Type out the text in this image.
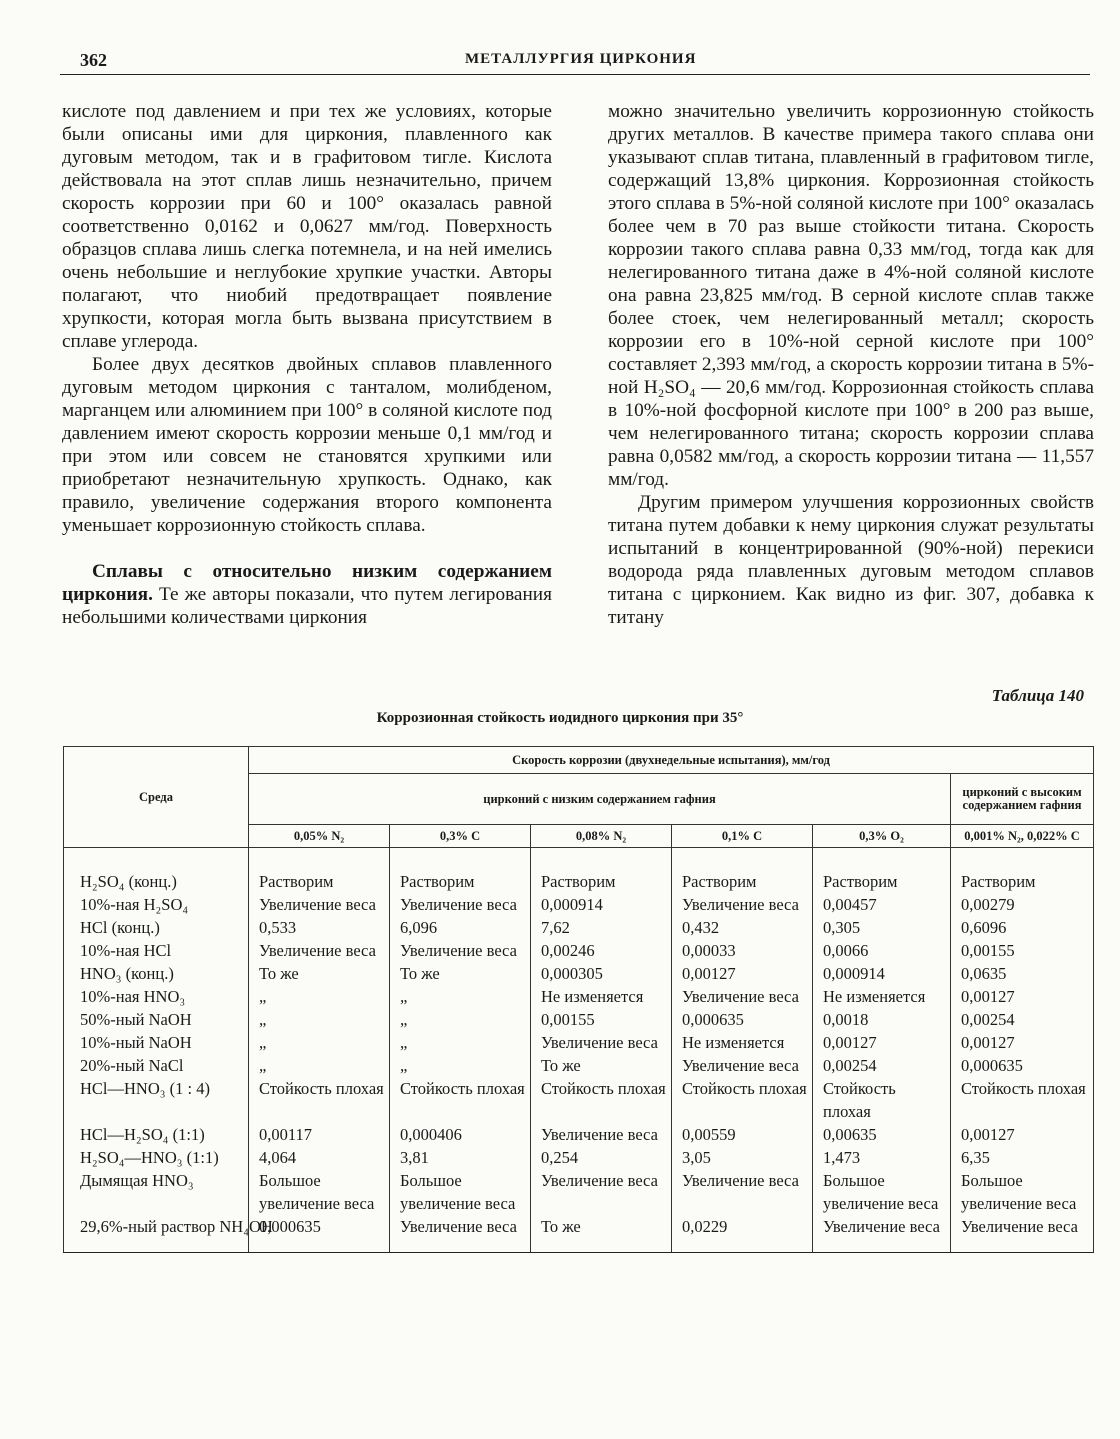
362	МЕТАЛЛУРГИЯ ЦИРКОНИЯ

кислоте под давлением и при тех же условиях, которые были описаны ими для циркония, плавленного как дуговым методом, так и в графитовом тигле. Кислота действовала на этот сплав лишь незначительно, причем скорость коррозии при 60 и 100° оказалась равной соответственно 0,0162 и 0,0627 мм/год. Поверхность образцов сплава лишь слегка потемнела, и на ней имелись очень небольшие и неглубокие хрупкие участки. Авторы полагают, что ниобий предотвращает появление хрупкости, которая могла быть вызвана присутствием в сплаве углерода.

Более двух десятков двойных сплавов плавленного дуговым методом циркония с танталом, молибденом, марганцем или алюминием при 100° в соляной кислоте под давлением имеют скорость коррозии меньше 0,1 мм/год и при этом или совсем не становятся хрупкими или приобретают незначительную хрупкость. Однако, как правило, увеличение содержания второго компонента уменьшает коррозионную стойкость сплава.

Сплавы с относительно низким содержанием циркония. Те же авторы показали, что путем легирования небольшими количествами циркония

можно значительно увеличить коррозионную стойкость других металлов. В качестве примера такого сплава они указывают сплав титана, плавленный в графитовом тигле, содержащий 13,8% циркония. Коррозионная стойкость этого сплава в 5%-ной соляной кислоте при 100° оказалась более чем в 70 раз выше стойкости титана. Скорость коррозии такого сплава равна 0,33 мм/год, тогда как для нелегированного титана даже в 4%-ной соляной кислоте она равна 23,825 мм/год. В серной кислоте сплав также более стоек, чем нелегированный металл; скорость коррозии его в 10%-ной серной кислоте при 100° составляет 2,393 мм/год, а скорость коррозии титана в 5%-ной H₂SO₄ — 20,6 мм/год. Коррозионная стойкость сплава в 10%-ной фосфорной кислоте при 100° в 200 раз выше, чем нелегированного титана; скорость коррозии сплава равна 0,0582 мм/год, а скорость коррозии титана — 11,557 мм/год.

Другим примером улучшения коррозионных свойств титана путем добавки к нему циркония служат результаты испытаний в концентрированной (90%-ной) перекиси водорода ряда плавленных дуговым методом сплавов титана с цирконием. Как видно из фиг. 307, добавка к титану

Таблица 140
Коррозионная стойкость иодидного циркония при 35°
Среда	Скорость коррозии (двухнедельные испытания), мм/год					
	цирконий с низким содержанием гафния					цирконий с высоким содержанием гафния
	0,05% N₂	0,3% C	0,08% N₂	0,1% C	0,3% O₂	0,001% N₂, 0,022% C
H₂SO₄ (конц.)	Растворим	Растворим	Растворим	Растворим	Растворим	Растворим
10%-ная H₂SO₄	Увеличение веса	Увеличение веса	0,000914	Увеличение веса	0,00457	0,00279
HCl (конц.)	0,533	6,096	7,62	0,432	0,305	0,6096
10%-ная HCl	Увеличение веса	Увеличение веса	0,00246	0,00033	0,0066	0,00155
HNO₃ (конц.)	То же	То же	0,000305	0,00127	0,000914	0,0635
10%-ная HNO₃	„	„	Не изменяется	Увеличение веса	Не изменяется	0,00127
50%-ный NaOH	„	„	0,00155	0,000635	0,0018	0,00254
10%-ный NaOH	„	„	Увеличение веса	Не изменяется	0,00127	0,00127
20%-ный NaCl	„	„	То же	Увеличение веса	0,00254	0,000635
HCl—HNO₃ (1 : 4)	Стойкость плохая	Стойкость плохая	Стойкость плохая	Стойкость плохая	Стойкость плохая	Стойкость плохая
HCl—H₂SO₄ (1:1)	0,00117	0,000406	Увеличение веса	0,00559	0,00635	0,00127
H₂SO₄—HNO₃ (1:1)	4,064	3,81	0,254	3,05	1,473	6,35
Дымящая HNO₃	Большое увеличение веса	Большое увеличение веса	Увеличение веса	Увеличение веса	Большое увеличение веса	Большое увеличение веса
29,6%-ный раствор NH₄OH	0,000635	Увеличение веса	То же	0,0229	Увеличение веса	Увеличение веса
